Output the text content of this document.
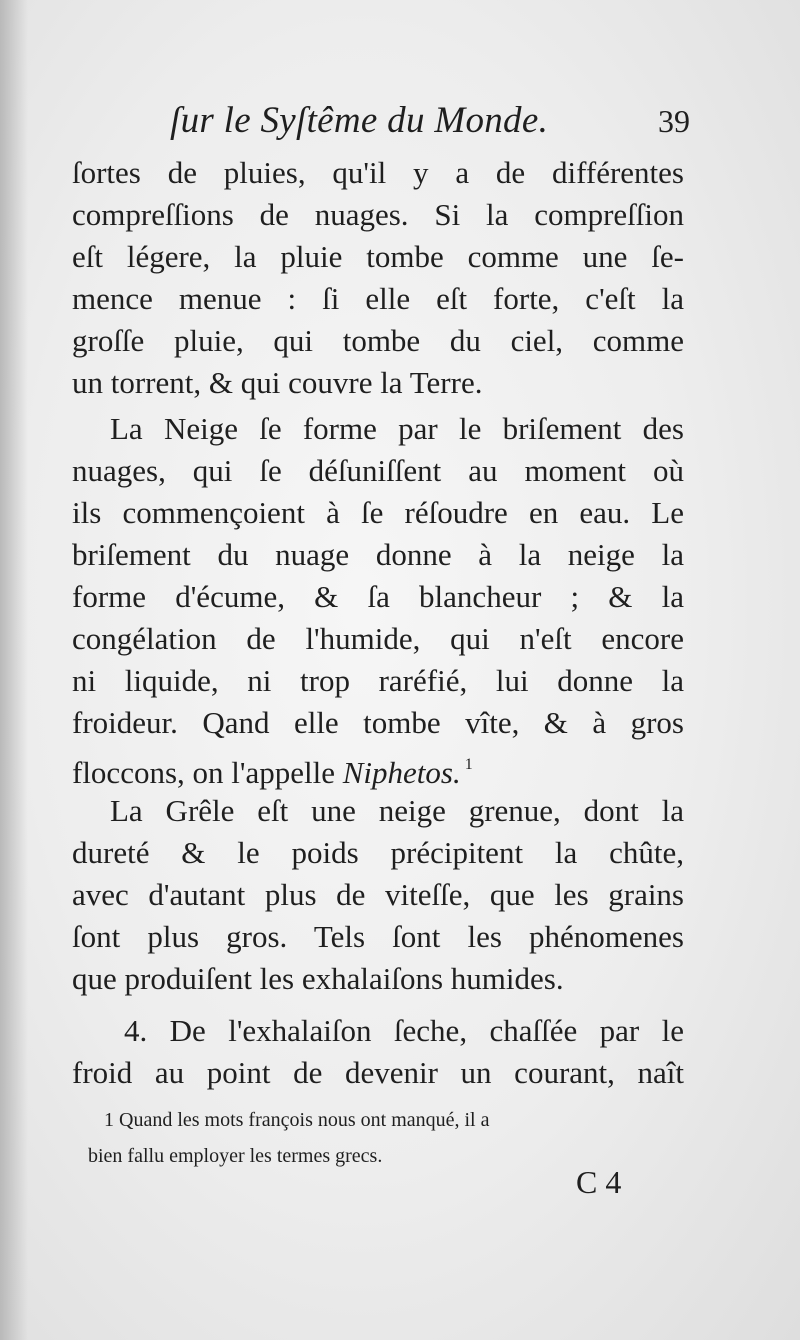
ſur le Syſtême du Monde.	39
ſortes de pluies, qu'il y a de différentes
compreſſions de nuages. Si la compreſſion
eſt légere, la pluie tombe comme une ſe-
mence menue : ſi elle eſt forte, c'eſt la
groſſe pluie, qui tombe du ciel, comme
un torrent, & qui couvre la Terre.
La Neige ſe forme par le briſement des
nuages, qui ſe déſuniſſent au moment où
ils commençoient à ſe réſoudre en eau. Le
briſement du nuage donne à la neige la
forme d'écume, & ſa blancheur ; & la
congélation de l'humide, qui n'eſt encore
ni liquide, ni trop raréfié, lui donne la
froideur. Qand elle tombe vîte, & à gros
floccons, on l'appelle Niphetos. $^1$
La Grêle eſt une neige grenue, dont la
dureté & le poids précipitent la chûte,
avec d'autant plus de viteſſe, que les grains
ſont plus gros. Tels ſont les phénomenes
que produiſent les exhalaiſons humides.
4. De l'exhalaiſon ſeche, chaſſée par le
froid au point de devenir un courant, naît
1 Quand les mots françois nous ont manqué, il a
bien fallu employer les termes grecs.
C 4
